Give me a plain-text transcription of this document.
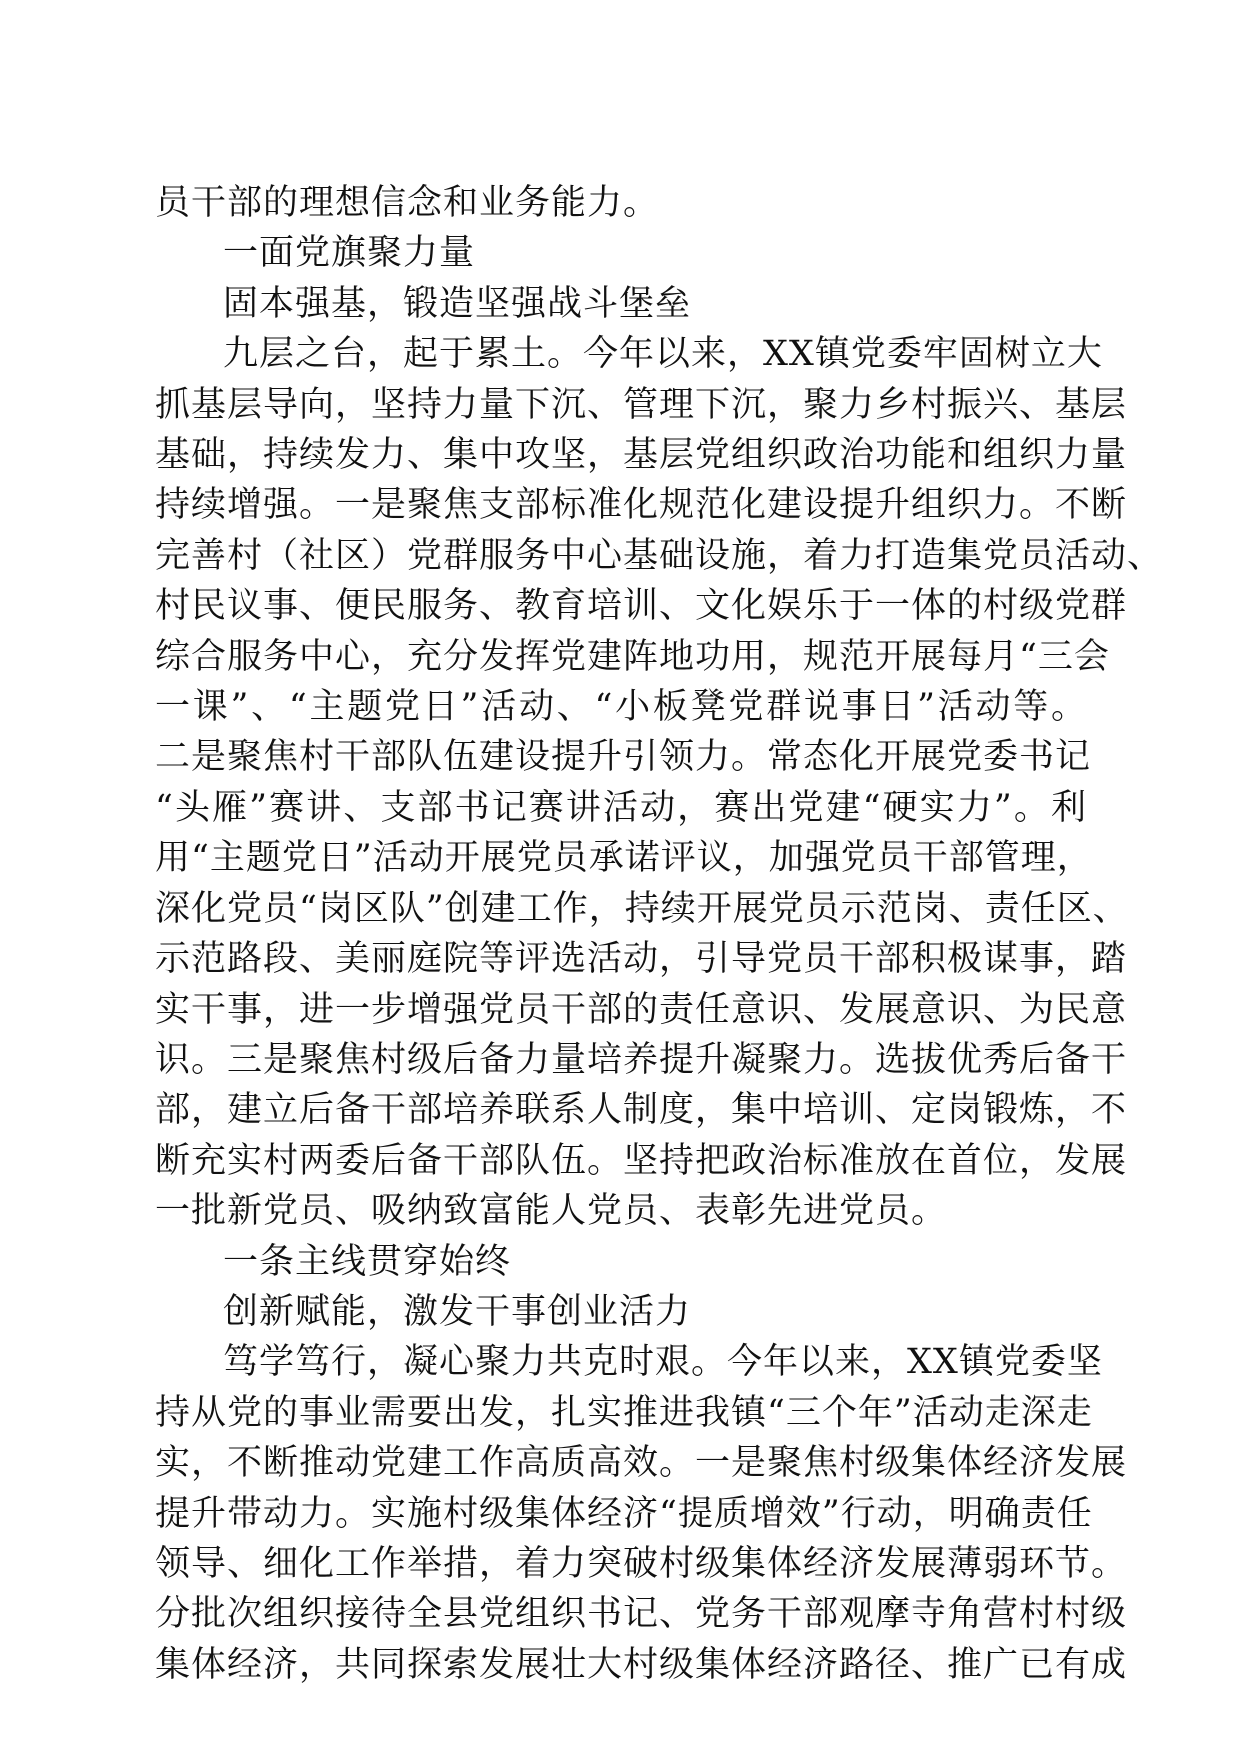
员干部的理想信念和业务能力。

一面党旗聚力量

固本强基，锻造坚强战斗堡垒

九层之台，起于累土。今年以来，XX镇党委牢固树立大
抓基层导向，坚持力量下沉、管理下沉，聚力乡村振兴、基层
基础，持续发力、集中攻坚，基层党组织政治功能和组织力量
持续增强。一是聚焦支部标准化规范化建设提升组织力。不断
完善村（社区）党群服务中心基础设施，着力打造集党员活动、
村民议事、便民服务、教育培训、文化娱乐于一体的村级党群
综合服务中心，充分发挥党建阵地功用，规范开展每月“三会
一课”、“主题党日”活动、“小板凳党群说事日”活动等。
二是聚焦村干部队伍建设提升引领力。常态化开展党委书记
“头雁”赛讲、支部书记赛讲活动，赛出党建“硬实力”。利
用“主题党日”活动开展党员承诺评议，加强党员干部管理，
深化党员“岗区队”创建工作，持续开展党员示范岗、责任区、
示范路段、美丽庭院等评选活动，引导党员干部积极谋事，踏
实干事，进一步增强党员干部的责任意识、发展意识、为民意
识。三是聚焦村级后备力量培养提升凝聚力。选拔优秀后备干
部，建立后备干部培养联系人制度，集中培训、定岗锻炼，不
断充实村两委后备干部队伍。坚持把政治标准放在首位，发展
一批新党员、吸纳致富能人党员、表彰先进党员。

一条主线贯穿始终

创新赋能，激发干事创业活力

笃学笃行，凝心聚力共克时艰。今年以来，XX镇党委坚
持从党的事业需要出发，扎实推进我镇“三个年”活动走深走
实，不断推动党建工作高质高效。一是聚焦村级集体经济发展
提升带动力。实施村级集体经济“提质增效”行动，明确责任
领导、细化工作举措，着力突破村级集体经济发展薄弱环节。
分批次组织接待全县党组织书记、党务干部观摩寺角营村村级
集体经济，共同探索发展壮大村级集体经济路径、推广已有成
